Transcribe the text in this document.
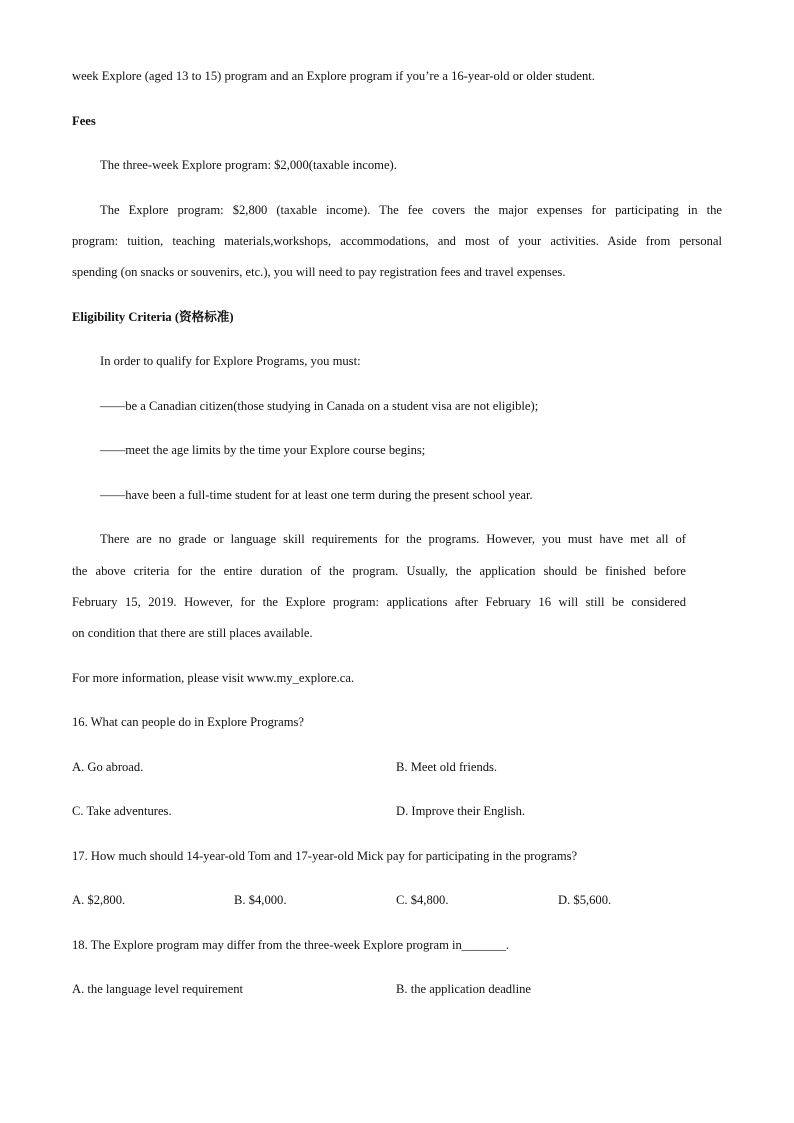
week Explore (aged 13 to 15) program and an Explore program if you’re a 16-year-old or older student.
Fees
The three-week Explore program: $2,000(taxable income).
The Explore program: $2,800 (taxable income). The fee covers the major expenses for participating in the
program: tuition, teaching materials,workshops, accommodations, and most of your activities. Aside from personal
spending (on snacks or souvenirs, etc.), you will need to pay registration fees and travel expenses.
Eligibility Criteria (资格标准)
In order to qualify for Explore Programs, you must:
——be a Canadian citizen(those studying in Canada on a student visa are not eligible);
——meet the age limits by the time your Explore course begins;
——have been a full-time student for at least one term during the present school year.
There are no grade or language skill requirements for the programs. However, you must have met all of
the above criteria for the entire duration of the program. Usually, the application should be finished before
February 15, 2019. However, for the Explore program: applications after February 16 will still be considered
on condition that there are still places available.
For more information, please visit www.my_explore.ca.
16. What can people do in Explore Programs?
A. Go abroad.	B. Meet old friends.
C. Take adventures.	D. Improve their English.
17. How much should 14-year-old Tom and 17-year-old Mick pay for participating in the programs?
A. $2,800.	B. $4,000.	C. $4,800.	D. $5,600.
18. The Explore program may differ from the three-week Explore program in_______.
A. the language level requirement	B. the application deadline
